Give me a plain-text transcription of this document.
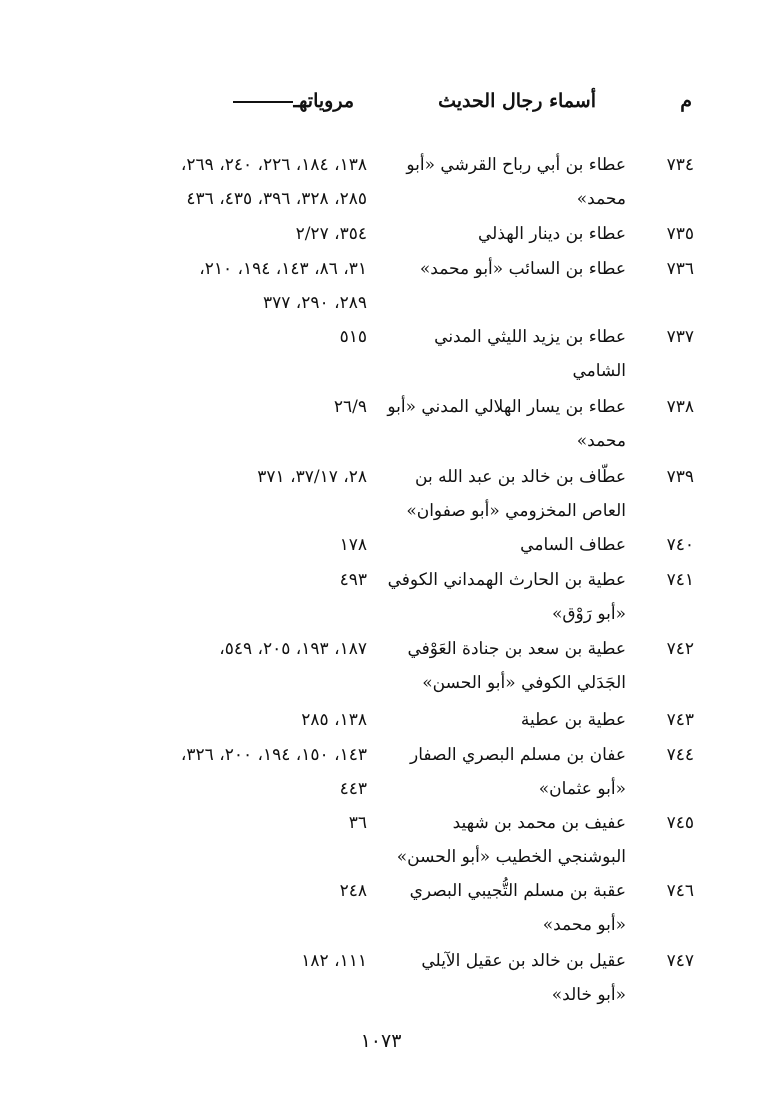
م
أسماء رجال الحديث
مروياتهـ
٧٣٤
عطاء بن أبي رباح القرشي «أبو
محمد»
١٣٨، ١٨٤، ٢٢٦، ٢٤٠، ٢٦٩،
٢٨٥، ٣٢٨، ٣٩٦، ٤٣٥، ٤٣٦
٧٣٥
عطاء بن دينار الهذلي
٣٥٤، ٢/٢٧
٧٣٦
عطاء بن السائب «أبو محمد»
٣١، ٨٦، ١٤٣، ١٩٤، ٢١٠،
٢٨٩، ٢٩٠، ٣٧٧
٧٣٧
عطاء بن يزيد الليثي المدني
الشامي
٥١٥
٧٣٨
عطاء بن يسار الهلالي المدني «أبو
محمد»
٢٦/٩
٧٣٩
عطّاف بن خالد بن عبد الله بن
العاص المخزومي «أبو صفوان»
٢٨، ٣٧/١٧، ٣٧١
٧٤٠
عطاف السامي
١٧٨
٧٤١
عطية بن الحارث الهمداني الكوفي
«أبو رَوْق»
٤٩٣
٧٤٢
عطية بن سعد بن جنادة العَوْفي
الجَدَلي الكوفي «أبو الحسن»
١٨٧، ١٩٣، ٢٠٥، ٥٤٩،
٧٤٣
عطية بن عطية
١٣٨، ٢٨٥
٧٤٤
عفان بن مسلم البصري الصفار
«أبو عثمان»
١٤٣، ١٥٠، ١٩٤، ٢٠٠، ٣٢٦،
٤٤٣
٧٤٥
عفيف بن محمد بن شهيد
البوشنجي الخطيب «أبو الحسن»
٣٦
٧٤٦
عقبة بن مسلم التُّجيبي البصري
«أبو محمد»
٢٤٨
٧٤٧
عقيل بن خالد بن عقيل الآيلي
«أبو خالد»
١١١، ١٨٢
١٠٧٣
